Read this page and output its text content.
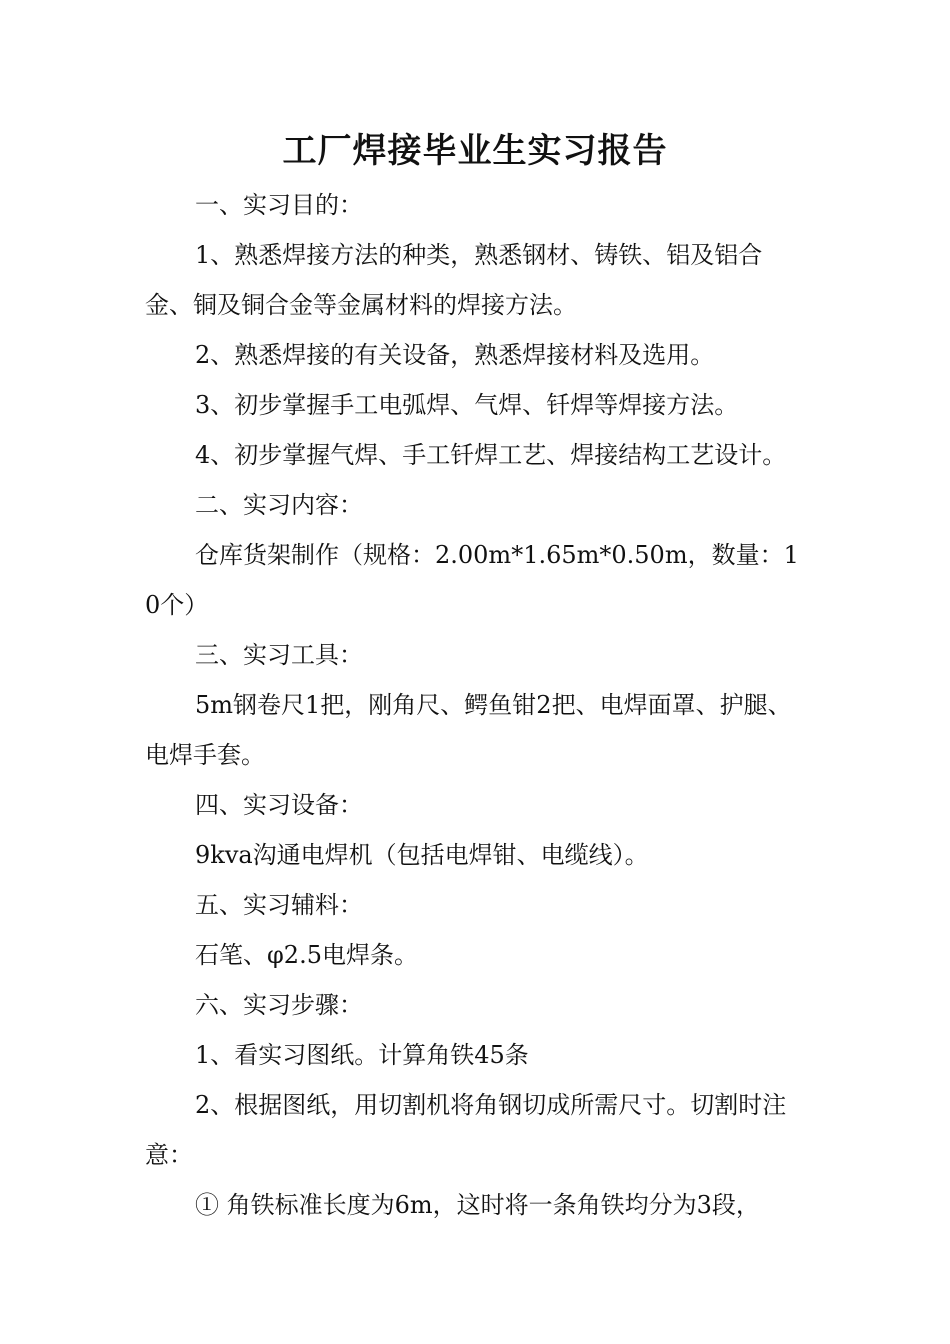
工厂焊接毕业生实习报告

一、实习目的：

1、熟悉焊接方法的种类，熟悉钢材、铸铁、铝及铝合金、铜及铜合金等金属材料的焊接方法。

2、熟悉焊接的有关设备，熟悉焊接材料及选用。

3、初步掌握手工电弧焊、气焊、钎焊等焊接方法。

4、初步掌握气焊、手工钎焊工艺、焊接结构工艺设计。

二、实习内容：

仓库货架制作（规格：2.00m*1.65m*0.50m，数量：10个）

三、实习工具：

5m钢卷尺1把，刚角尺、鳄鱼钳2把、电焊面罩、护腿、电焊手套。

四、实习设备：

9kva沟通电焊机（包括电焊钳、电缆线）。

五、实习辅料：

石笔、φ2.5电焊条。

六、实习步骤：

1、看实习图纸。计算角铁45条

2、根据图纸，用切割机将角钢切成所需尺寸。切割时注意：

① 角铁标准长度为6m，这时将一条角铁均分为3段，
